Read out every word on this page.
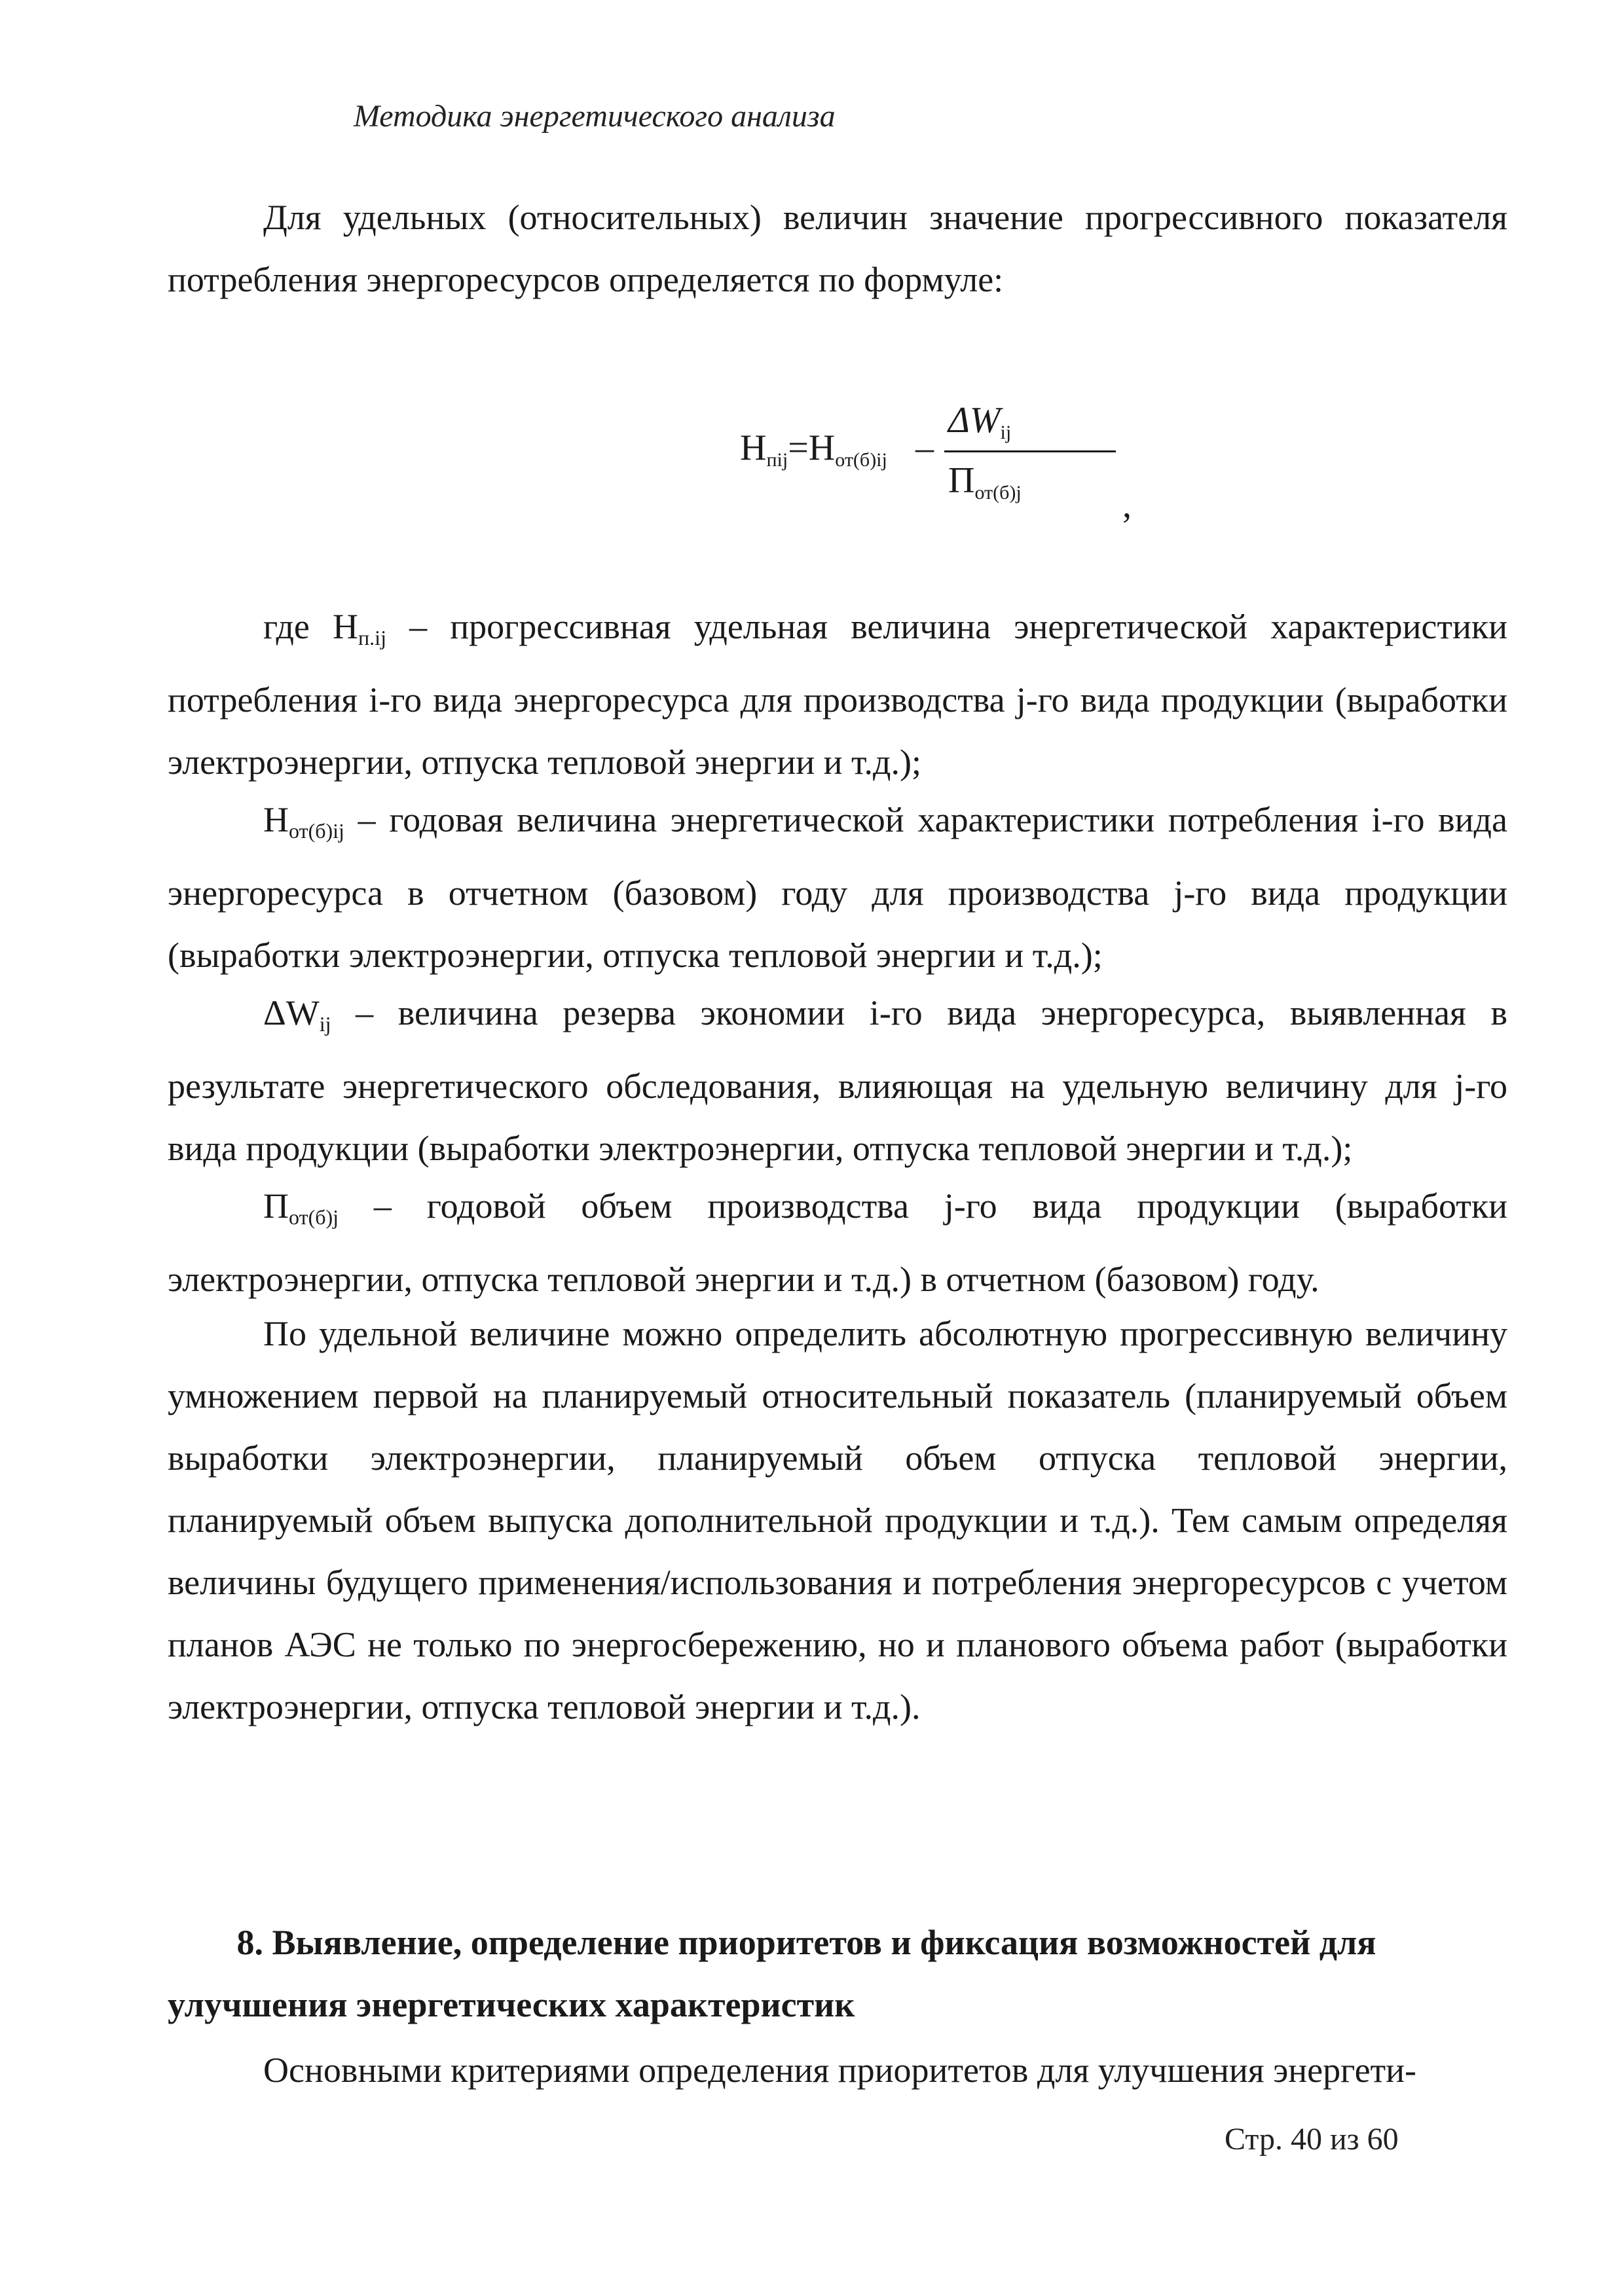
Методика энергетического анализа
Для удельных (относительных) величин значение прогрессивного показателя потребления энергоресурсов определяется по формуле:
$H_{пij}=H_{от(б)ij}$ –
$\Delta W_{ij}$
$П_{от(б)j}$	,
где Hп.ij – прогрессивная удельная величина энергетической характеристики потребления i-го вида энергоресурса для производства j-го вида продукции (выработки электроэнергии, отпуска тепловой энергии и т.д.);
Hот(б)ij – годовая величина энергетической характеристики потребления i-го вида энергоресурса в отчетном (базовом) году для производства j-го вида продукции (выработки электроэнергии, отпуска тепловой энергии и т.д.);
ΔWij – величина резерва экономии i-го вида энергоресурса, выявленная в результате энергетического обследования, влияющая на удельную величину для j-го вида продукции (выработки электроэнергии, отпуска тепловой энергии и т.д.);
Пот(б)j – годовой объем производства j-го вида продукции (выработки электроэнергии, отпуска тепловой энергии и т.д.) в отчетном (базовом) году.
По удельной величине можно определить абсолютную прогрессивную величину умножением первой на планируемый относительный показатель (планируемый объем выработки электроэнергии, планируемый объем отпуска тепловой энергии, планируемый объем выпуска дополнительной продукции и т.д.). Тем самым определяя величины будущего применения/использования и потребления энергоресурсов с учетом планов АЭС не только по энергосбережению, но и планового объема работ (выработки электроэнергии, отпуска тепловой энергии и т.д.).
8. Выявление, определение приоритетов и фиксация возможностей для улучшения энергетических характеристик
Основными критериями определения приоритетов для улучшения энергети-
Стр. 40 из 60
